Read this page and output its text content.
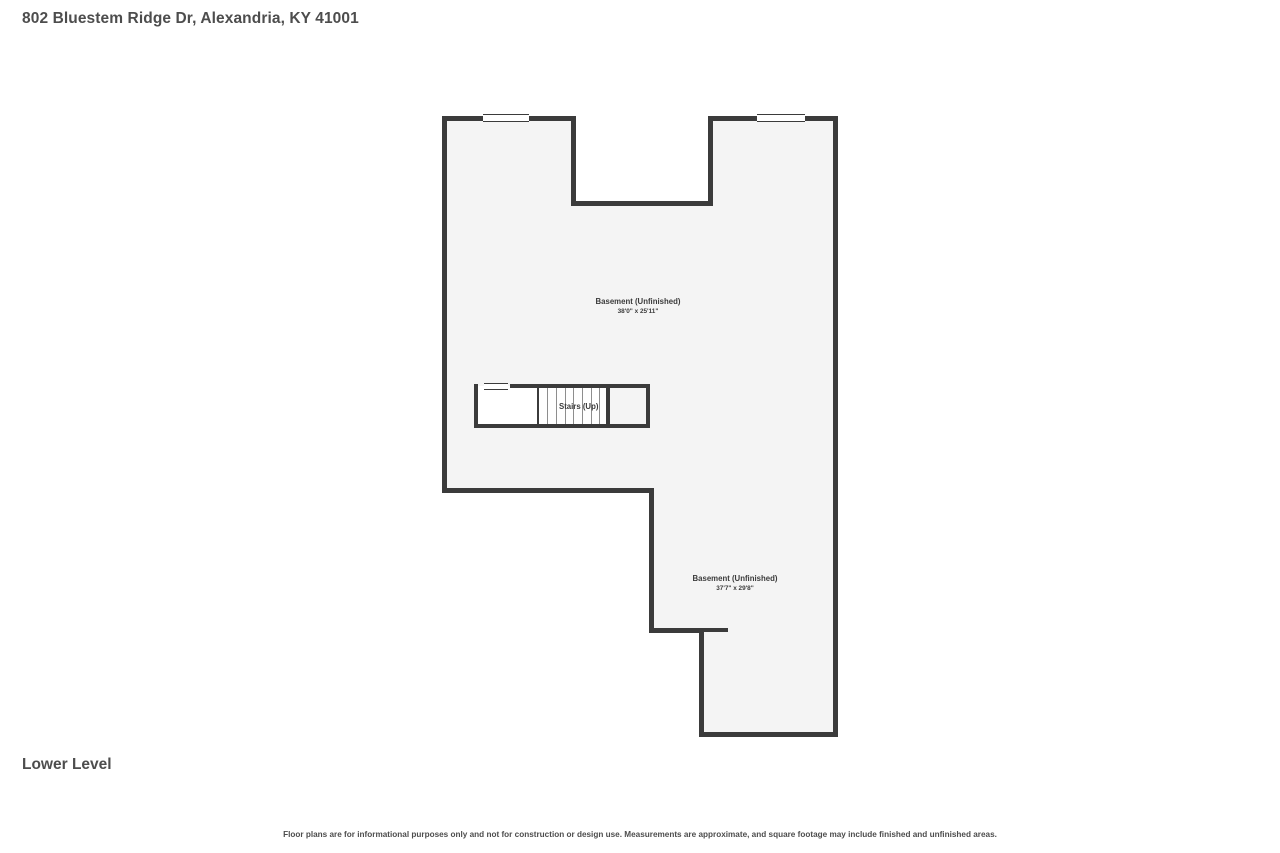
802 Bluestem Ridge Dr, Alexandria, KY 41001
Stairs (Up)
Basement (Unfinished)
38'0" x 25'11"
Basement (Unfinished)
37'7" x 29'8"
Lower Level
Floor plans are for informational purposes only and not for construction or design use. Measurements are approximate, and square footage may include finished and unfinished areas.
